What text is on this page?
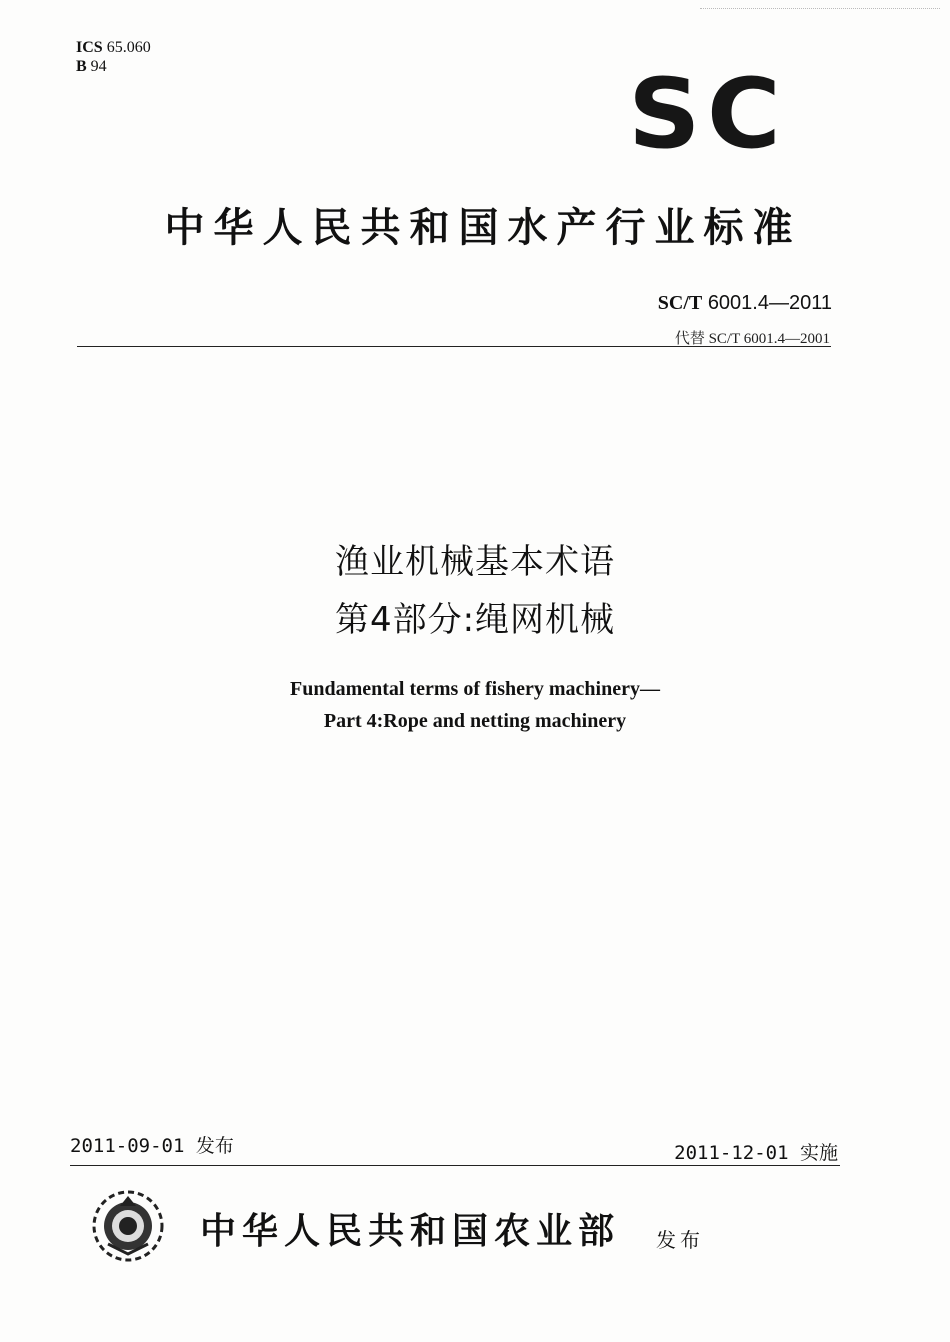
ICS 65.060
B 94	SC
中华人民共和国水产行业标准
SC/T 6001.4—2011
代替 SC/T 6001.4—2001
渔业机械基本术语
第4部分:绳网机械
Fundamental terms of fishery machinery—
Part 4:Rope and netting machinery
2011-09-01 发布	2011-12-01 实施
中华人民共和国农业部 发布
